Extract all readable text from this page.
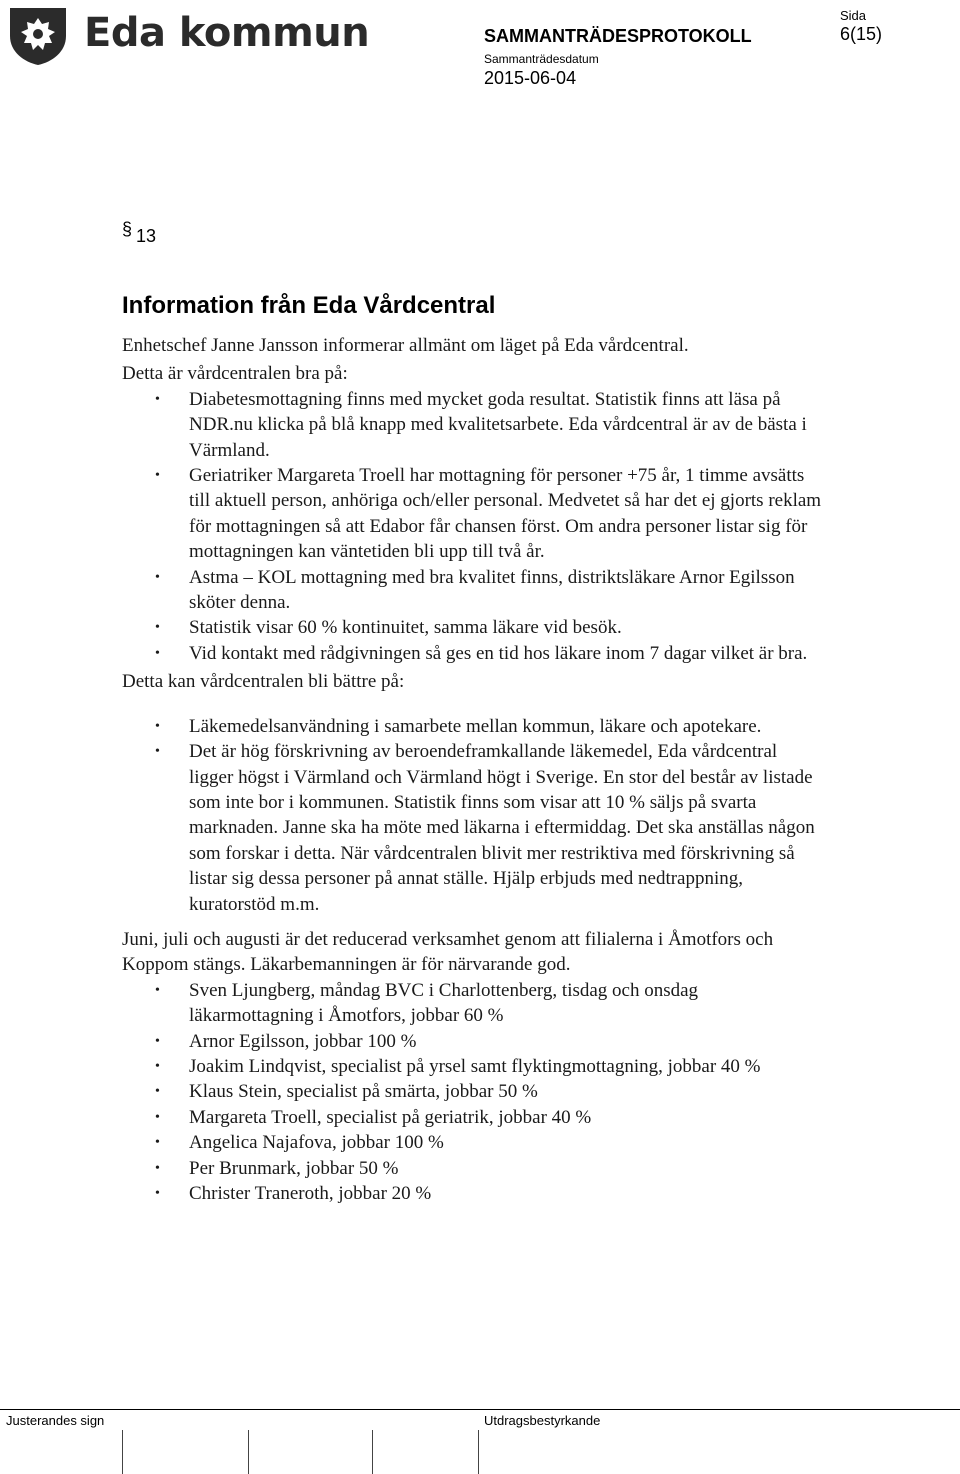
Eda kommun	SAMMANTRÄDESPROTOKOLL
Sammanträdesdatum
2015-06-04
Sida
6(15)
§ 13
Information från Eda Vårdcentral

Enhetschef Janne Jansson informerar allmänt om läget på Eda vårdcentral.

Detta är vårdcentralen bra på:

• Diabetesmottagning finns med mycket goda resultat. Statistik finns att läsa på NDR.nu klicka på blå knapp med kvalitetsarbete. Eda vårdcentral är av de bästa i Värmland.
• Geriatriker Margareta Troell har mottagning för personer +75 år, 1 timme avsätts till aktuell person, anhöriga och/eller personal. Medvetet så har det ej gjorts reklam för mottagningen så att Edabor får chansen först. Om andra personer listar sig för mottagningen kan väntetiden bli upp till två år.
• Astma – KOL mottagning med bra kvalitet finns, distriktsläkare Arnor Egilsson sköter denna.
• Statistik visar 60 % kontinuitet, samma läkare vid besök.
• Vid kontakt med rådgivningen så ges en tid hos läkare inom 7 dagar vilket är bra.

Detta kan vårdcentralen bli bättre på:

• Läkemedelsanvändning i samarbete mellan kommun, läkare och apotekare.
• Det är hög förskrivning av beroendeframkallande läkemedel, Eda vårdcentral ligger högst i Värmland och Värmland högt i Sverige. En stor del består av listade som inte bor i kommunen. Statistik finns som visar att 10 % säljs på svarta marknaden. Janne ska ha möte med läkarna i eftermiddag. Det ska anställas någon som forskar i detta. När vårdcentralen blivit mer restriktiva med förskrivning så listar sig dessa personer på annat ställe. Hjälp erbjuds med nedtrappning, kuratorstöd m.m.

Juni, juli och augusti är det reducerad verksamhet genom att filialerna i Åmotfors och Koppom stängs. Läkarbemanningen är för närvarande god.

• Sven Ljungberg, måndag BVC i Charlottenberg, tisdag och onsdag läkarmottagning i Åmotfors, jobbar 60 %
• Arnor Egilsson, jobbar 100 %
• Joakim Lindqvist, specialist på yrsel samt flyktingmottagning, jobbar 40 %
• Klaus Stein, specialist på smärta, jobbar 50 %
• Margareta Troell, specialist på geriatrik, jobbar 40 %
• Angelica Najafova, jobbar 100 %
• Per Brunmark, jobbar 50 %
• Christer Traneroth, jobbar 20 %
Justerandes sign	Utdragsbestyrkande
